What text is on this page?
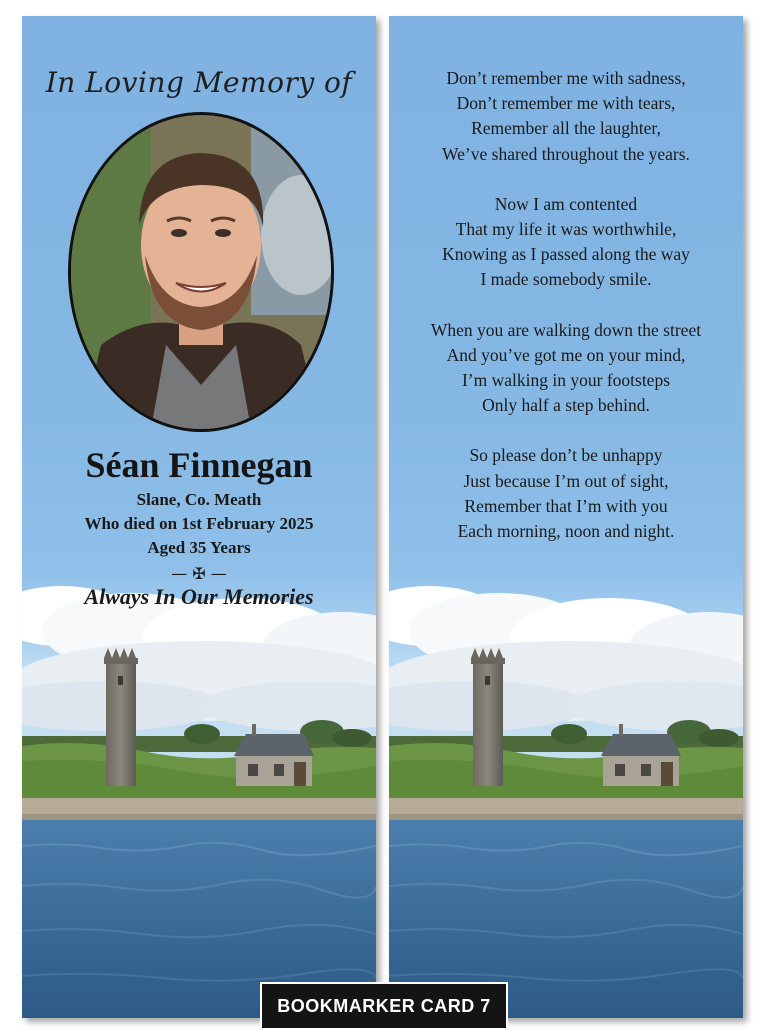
In Loving Memory of
Séan Finnegan
Slane, Co. Meath
Who died on 1st February 2025
Aged 35 Years
— ✠ —
Always In Our Memories
Don’t remember me with sadness,
Don’t remember me with tears,
Remember all the laughter,
We’ve shared throughout the years.
Now I am contented
That my life it was worthwhile,
Knowing as I passed along the way
I made somebody smile.
When you are walking down the street
And you’ve got me on your mind,
I’m walking in your footsteps
Only half a step behind.
So please don’t be unhappy
Just because I’m out of sight,
Remember that I’m with you
Each morning, noon and night.
BOOKMARKER CARD 7
